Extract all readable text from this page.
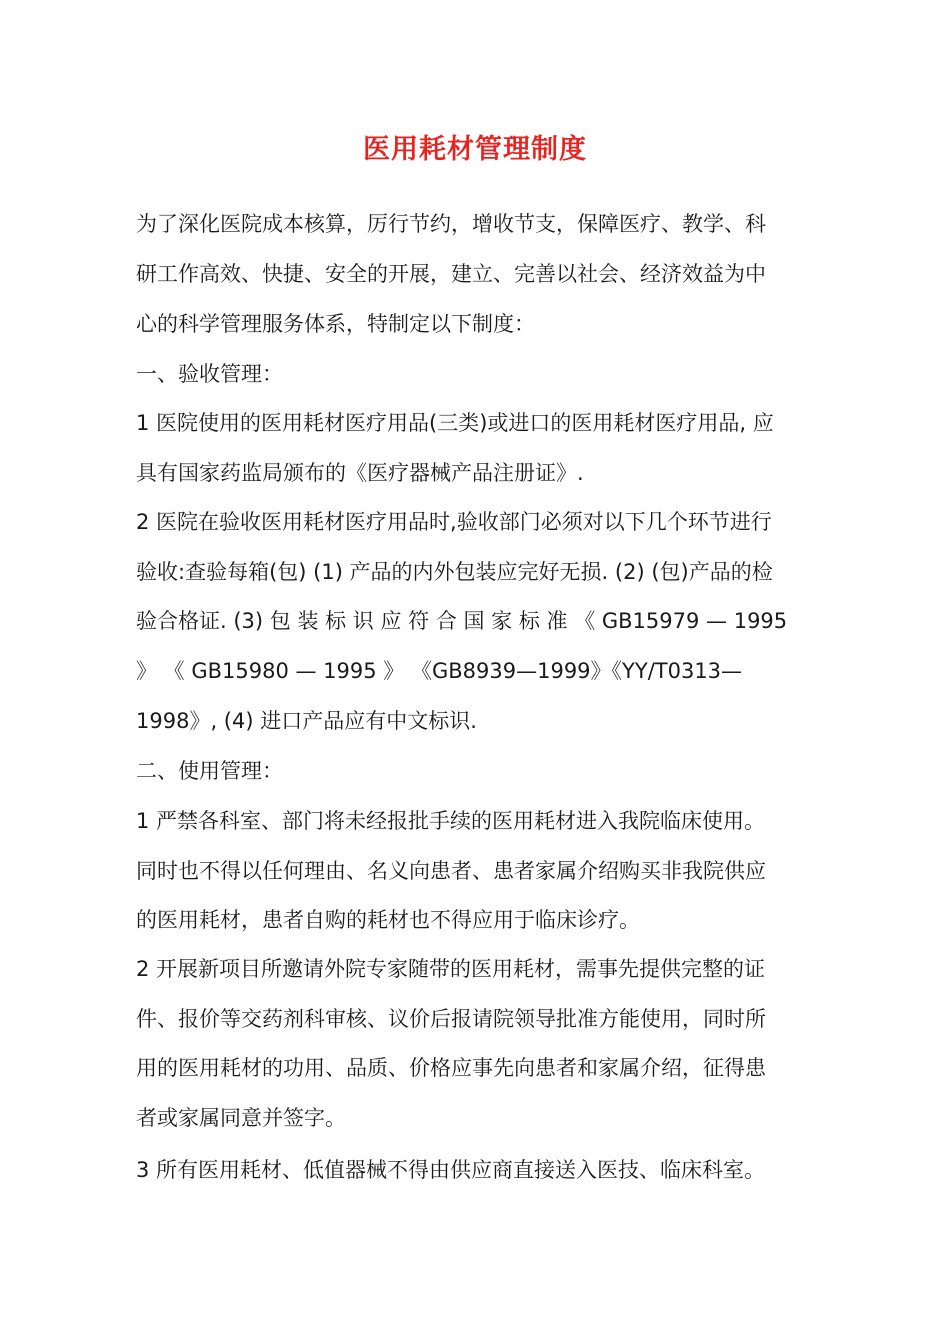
医用耗材管理制度
为了深化医院成本核算，厉行节约，增收节支，保障医疗、教学、科
研工作高效、快捷、安全的开展，建立、完善以社会、经济效益为中
心的科学管理服务体系，特制定以下制度：
一、验收管理：
1 医院使用的医用耗材医疗用品(三类)或进口的医用耗材医疗用品, 应
具有国家药监局颁布的《医疗器械产品注册证》.
2 医院在验收医用耗材医疗用品时,验收部门必须对以下几个环节进行
验收:查验每箱(包) (1) 产品的内外包装应完好无损. (2) (包)产品的检
验合格证. (3) 包 装 标 识 应 符 合 国 家 标 准 《 GB15979 — 1995
》 《 GB15980 — 1995 》 《GB8939—1999》《YY/T0313—
1998》, (4) 进口产品应有中文标识.
二、使用管理：
1 严禁各科室、部门将未经报批手续的医用耗材进入我院临床使用。
同时也不得以任何理由、名义向患者、患者家属介绍购买非我院供应
的医用耗材，患者自购的耗材也不得应用于临床诊疗。
2 开展新项目所邀请外院专家随带的医用耗材，需事先提供完整的证
件、报价等交药剂科审核、议价后报请院领导批准方能使用，同时所
用的医用耗材的功用、品质、价格应事先向患者和家属介绍，征得患
者或家属同意并签字。
3 所有医用耗材、低值器械不得由供应商直接送入医技、临床科室。
